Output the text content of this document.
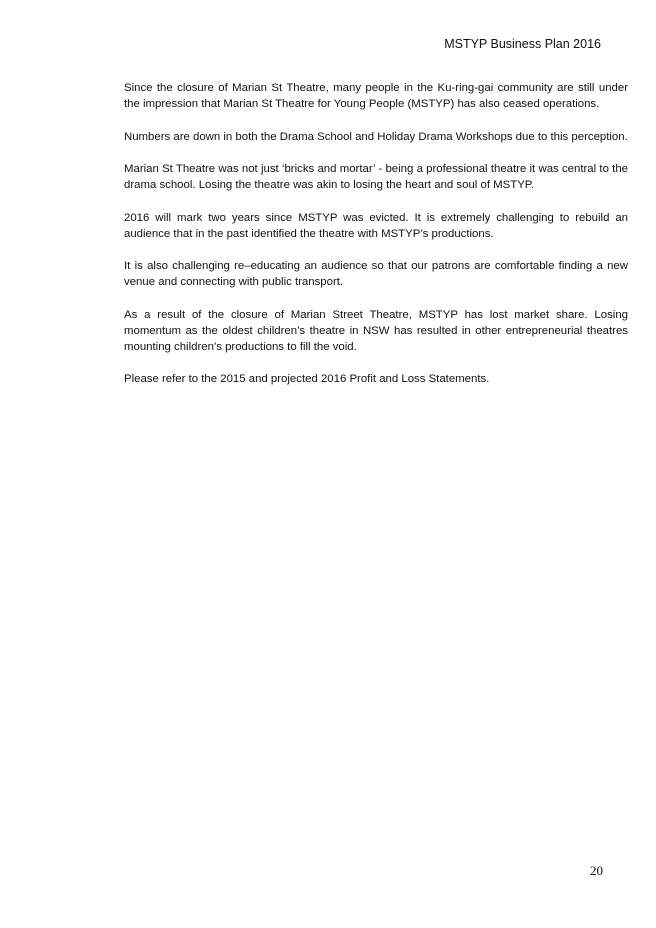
MSTYP Business Plan 2016

Since the closure of Marian St Theatre, many people in the Ku-ring-gai community are still under the impression that Marian St Theatre for Young People (MSTYP) has also ceased operations.

Numbers are down in both the Drama School and Holiday Drama Workshops due to this perception.

Marian St Theatre was not just ‘bricks and mortar’ - being a professional theatre it was central to the drama school. Losing the theatre was akin to losing the heart and soul of MSTYP.

2016 will mark two years since MSTYP was evicted. It is extremely challenging to rebuild an audience that in the past identified the theatre with MSTYP’s productions.

It is also challenging re–educating an audience so that our patrons are comfortable finding a new venue and connecting with public transport.

As a result of the closure of Marian Street Theatre, MSTYP has lost market share. Losing momentum as the oldest children’s theatre in NSW has resulted in other entrepreneurial theatres mounting children’s productions to fill the void.

Please refer to the 2015 and projected 2016 Profit and Loss Statements.

20
